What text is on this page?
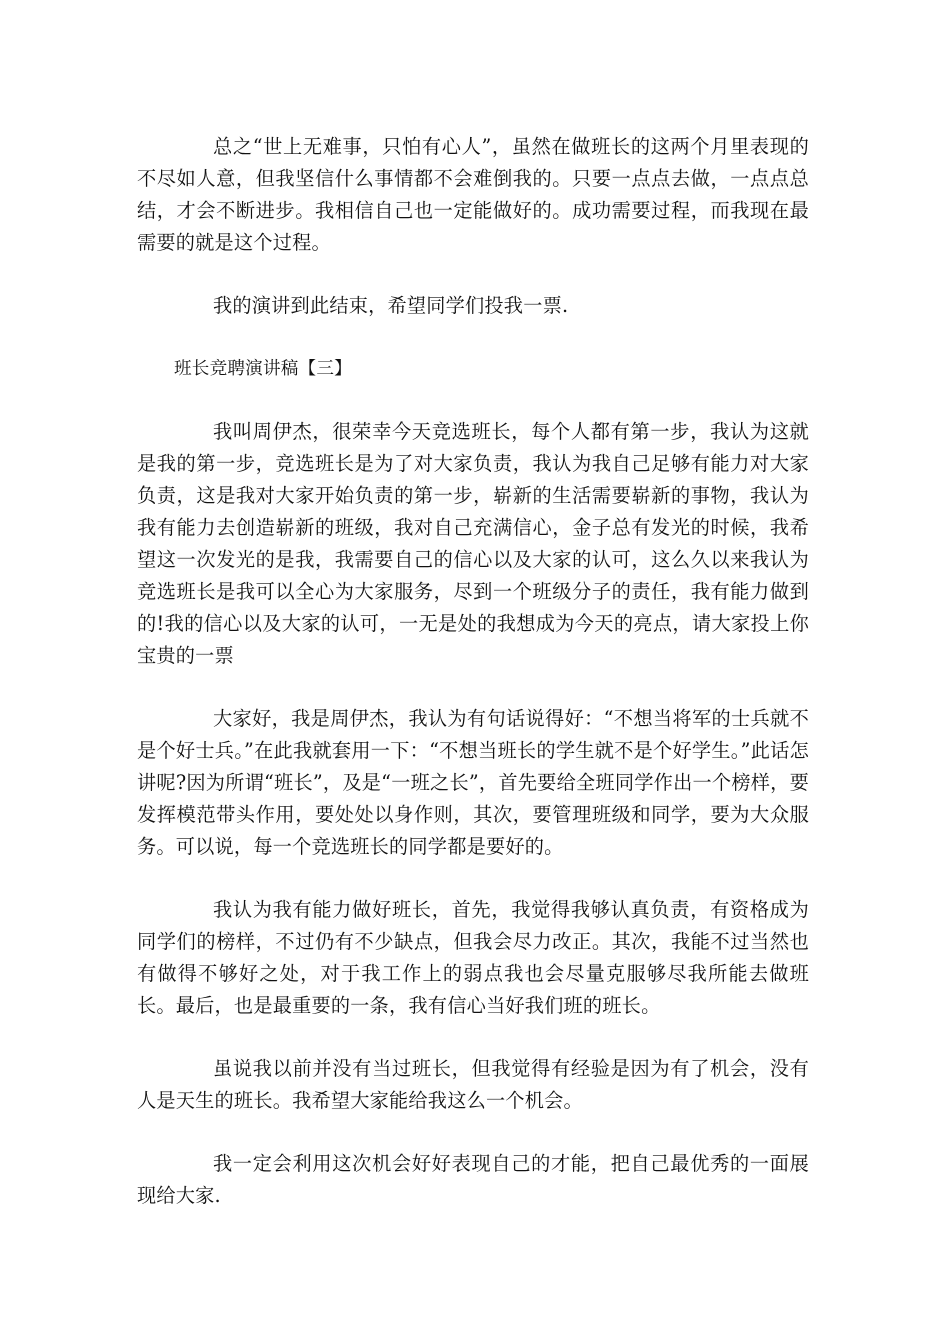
总之“世上无难事，只怕有心人”，虽然在做班长的这两个月里表现的不尽如人意，但我坚信什么事情都不会难倒我的。只要一点点去做，一点点总结，才会不断进步。我相信自己也一定能做好的。成功需要过程，而我现在最需要的就是这个过程。

我的演讲到此结束，希望同学们投我一票.

班长竞聘演讲稿【三】

我叫周伊杰，很荣幸今天竞选班长，每个人都有第一步，我认为这就是我的第一步，竞选班长是为了对大家负责，我认为我自己足够有能力对大家负责，这是我对大家开始负责的第一步，崭新的生活需要崭新的事物，我认为我有能力去创造崭新的班级，我对自己充满信心，金子总有发光的时候，我希望这一次发光的是我，我需要自己的信心以及大家的认可，这么久以来我认为竞选班长是我可以全心为大家服务，尽到一个班级分子的责任，我有能力做到的!我的信心以及大家的认可，一无是处的我想成为今天的亮点，请大家投上你宝贵的一票

大家好，我是周伊杰，我认为有句话说得好：“不想当将军的士兵就不是个好士兵。”在此我就套用一下：“不想当班长的学生就不是个好学生。”此话怎讲呢?因为所谓“班长”，及是“一班之长”，首先要给全班同学作出一个榜样，要发挥模范带头作用，要处处以身作则，其次，要管理班级和同学，要为大众服务。可以说，每一个竞选班长的同学都是要好的。

我认为我有能力做好班长，首先，我觉得我够认真负责，有资格成为同学们的榜样，不过仍有不少缺点，但我会尽力改正。其次，我能不过当然也有做得不够好之处，对于我工作上的弱点我也会尽量克服够尽我所能去做班长。最后，也是最重要的一条，我有信心当好我们班的班长。

虽说我以前并没有当过班长，但我觉得有经验是因为有了机会，没有人是天生的班长。我希望大家能给我这么一个机会。

我一定会利用这次机会好好表现自己的才能，把自己最优秀的一面展现给大家.
